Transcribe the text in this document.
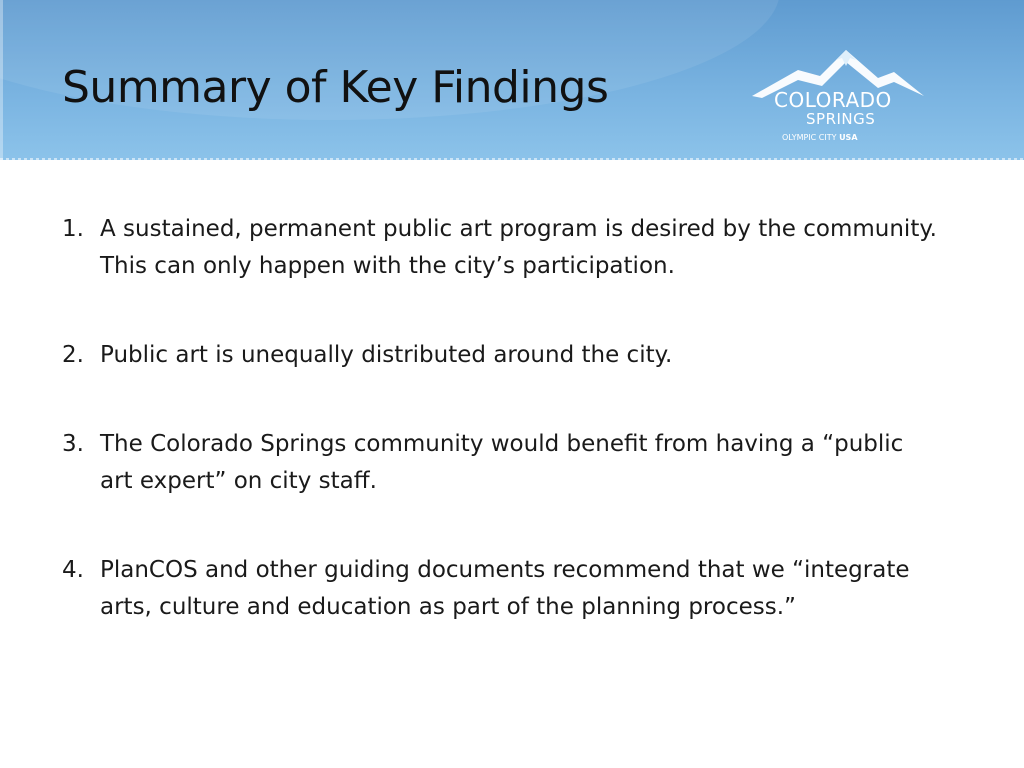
Summary of Key Findings	COLORADO
SPRINGS
OLYMPIC CITY USA
1. A sustained, permanent public art program is desired by the community. This can only happen with the city’s participation.
2. Public art is unequally distributed around the city.
3. The Colorado Springs community would benefit from having a “public art expert” on city staff.
4. PlanCOS and other guiding documents recommend that we “integrate arts, culture and education as part of the planning process.”
